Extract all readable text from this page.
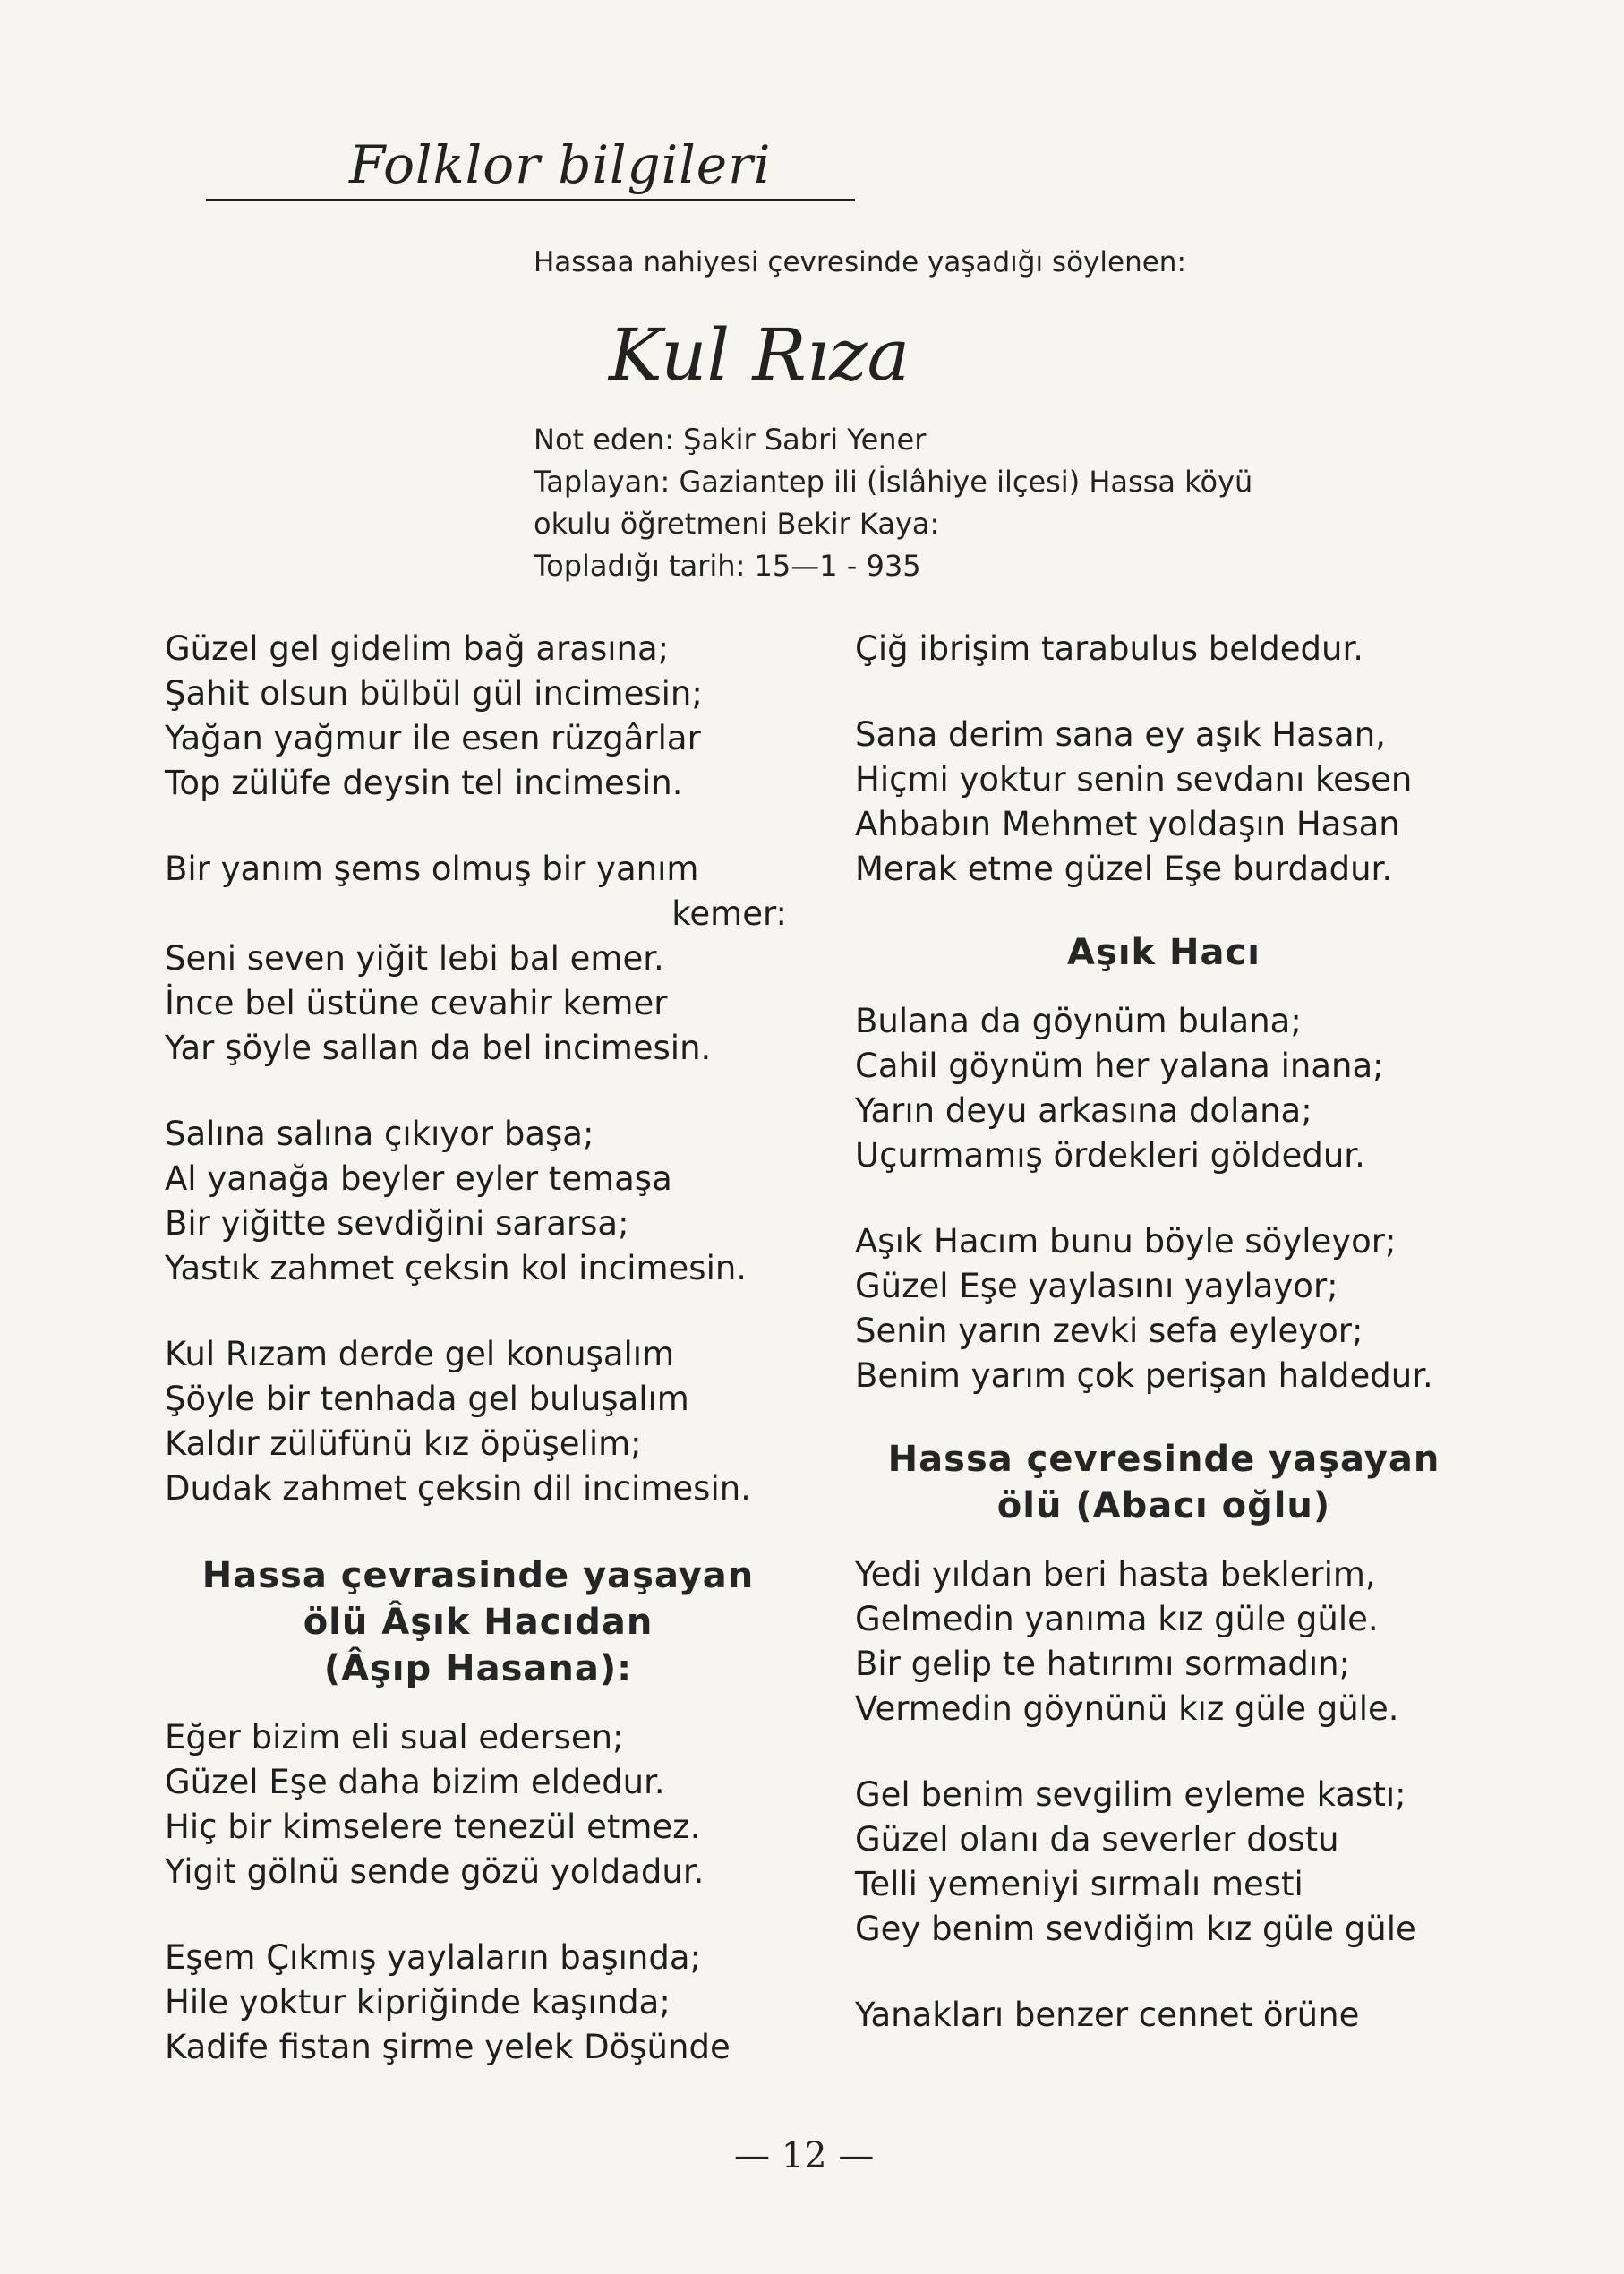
Folklor bilgileri
Hassaa nahiyesi çevresinde yaşadığı söylenen:
Kul Rıza
Not eden: Şakir Sabri Yener
Taplayan: Gaziantep ili (İslâhiye ilçesi) Hassa köyü
okulu öğretmeni Bekir Kaya:
Topladığı tarih: 15—1 - 935
Güzel gel gidelim bağ arasına;
Şahit olsun bülbül gül incimesin;
Yağan yağmur ile esen rüzgârlar
Top zülüfe deysin tel incimesin.
Bir yanım şems olmuş bir yanım
kemer:
Seni seven yiğit lebi bal emer.
İnce bel üstüne cevahir kemer
Yar şöyle sallan da bel incimesin.
Salına salına çıkıyor başa;
Al yanağa beyler eyler temaşa
Bir yiğitte sevdiğini sararsa;
Yastık zahmet çeksin kol incimesin.
Kul Rızam derde gel konuşalım
Şöyle bir tenhada gel buluşalım
Kaldır zülüfünü kız öpüşelim;
Dudak zahmet çeksin dil incimesin.
Hassa çevrasinde yaşayan
ölü Âşık Hacıdan
(Âşıp Hasana):
Eğer bizim eli sual edersen;
Güzel Eşe daha bizim eldedur.
Hiç bir kimselere tenezül etmez.
Yigit gölnü sende gözü yoldadur.
Eşem Çıkmış yaylaların başında;
Hile yoktur kipriğinde kaşında;
Kadife fistan şirme yelek Döşünde
Çiğ ibrişim tarabulus beldedur.
Sana derim sana ey aşık Hasan,
Hiçmi yoktur senin sevdanı kesen
Ahbabın Mehmet yoldaşın Hasan
Merak etme güzel Eşe burdadur.
Aşık Hacı
Bulana da göynüm bulana;
Cahil göynüm her yalana inana;
Yarın deyu arkasına dolana;
Uçurmamış ördekleri göldedur.
Aşık Hacım bunu böyle söyleyor;
Güzel Eşe yaylasını yaylayor;
Senin yarın zevki sefa eyleyor;
Benim yarım çok perişan haldedur.
Hassa çevresinde yaşayan
ölü (Abacı oğlu)
Yedi yıldan beri hasta beklerim,
Gelmedin yanıma kız güle güle.
Bir gelip te hatırımı sormadın;
Vermedin göynünü kız güle güle.
Gel benim sevgilim eyleme kastı;
Güzel olanı da severler dostu
Telli yemeniyi sırmalı mesti
Gey benim sevdiğim kız güle güle
Yanakları benzer cennet örüne
— 12 —
